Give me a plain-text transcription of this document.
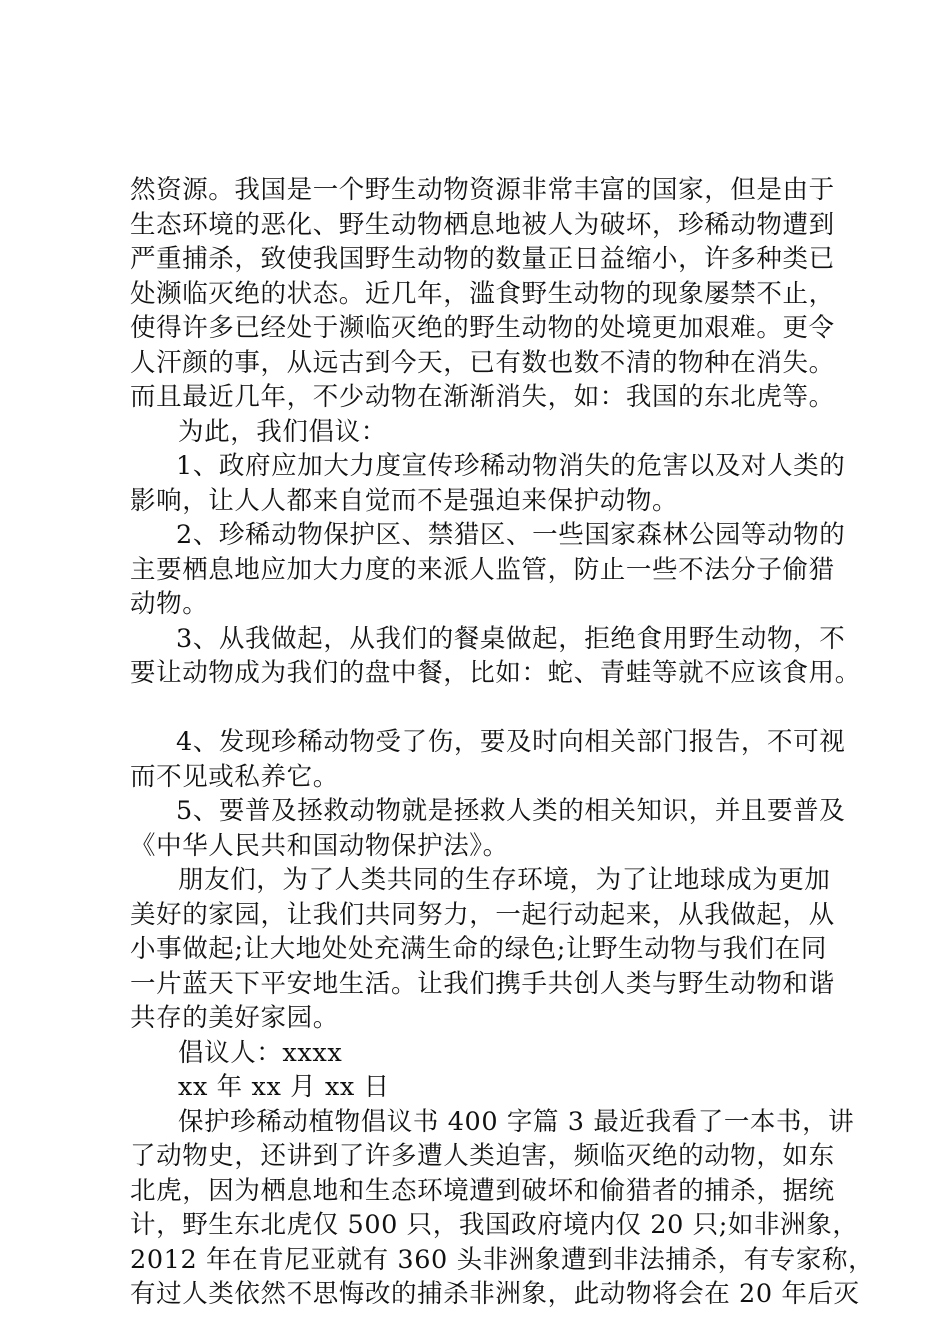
然资源。我国是一个野生动物资源非常丰富的国家，但是由于
生态环境的恶化、野生动物栖息地被人为破坏，珍稀动物遭到
严重捕杀，致使我国野生动物的数量正日益缩小，许多种类已
处濒临灭绝的状态。近几年，滥食野生动物的现象屡禁不止，
使得许多已经处于濒临灭绝的野生动物的处境更加艰难。更令
人汗颜的事，从远古到今天，已有数也数不清的物种在消失。
而且最近几年，不少动物在渐渐消失，如：我国的东北虎等。
为此，我们倡议：
1、政府应加大力度宣传珍稀动物消失的危害以及对人类的
影响，让人人都来自觉而不是强迫来保护动物。
2、珍稀动物保护区、禁猎区、一些国家森林公园等动物的
主要栖息地应加大力度的来派人监管，防止一些不法分子偷猎
动物。
3、从我做起，从我们的餐桌做起，拒绝食用野生动物，不
要让动物成为我们的盘中餐，比如：蛇、青蛙等就不应该食用。
4、发现珍稀动物受了伤，要及时向相关部门报告，不可视
而不见或私养它。
5、要普及拯救动物就是拯救人类的相关知识，并且要普及
《中华人民共和国动物保护法》。
朋友们，为了人类共同的生存环境，为了让地球成为更加
美好的家园，让我们共同努力，一起行动起来，从我做起，从
小事做起;让大地处处充满生命的绿色;让野生动物与我们在同
一片蓝天下平安地生活。让我们携手共创人类与野生动物和谐
共存的美好家园。
倡议人：xxxx
xx 年 xx 月 xx 日
保护珍稀动植物倡议书 400 字篇 3 最近我看了一本书，讲
了动物史，还讲到了许多遭人类迫害，频临灭绝的动物，如东
北虎，因为栖息地和生态环境遭到破坏和偷猎者的捕杀，据统
计，野生东北虎仅 500 只，我国政府境内仅 20 只;如非洲象，
2012 年在肯尼亚就有 360 头非洲象遭到非法捕杀，有专家称，
有过人类依然不思悔改的捕杀非洲象，此动物将会在 20 年后灭
